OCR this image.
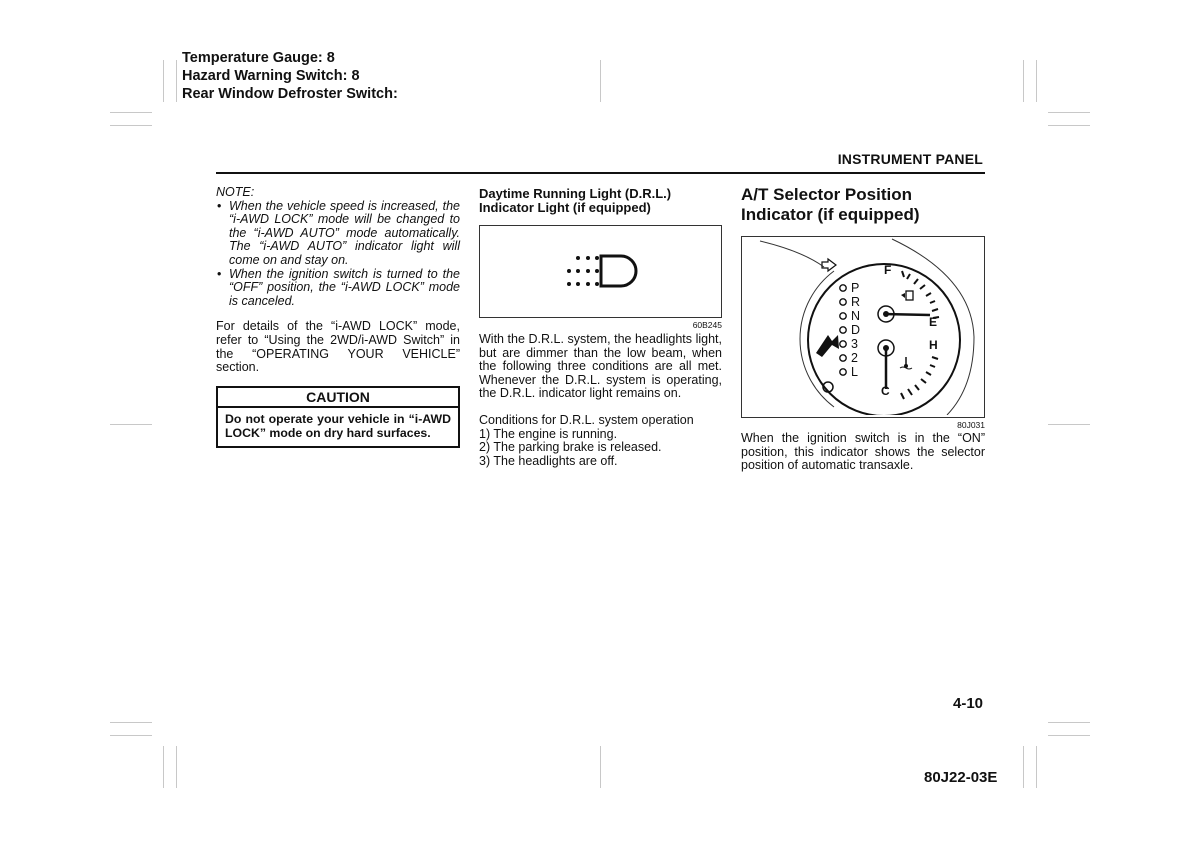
Temperature Gauge: 8
Hazard Warning Switch: 8
Rear Window Defroster Switch:
INSTRUMENT PANEL
NOTE:
• When the vehicle speed is increased, the “i-AWD LOCK” mode will be changed to the “i-AWD AUTO” mode automatically. The “i-AWD AUTO” indicator light will come on and stay on.
• When the ignition switch is turned to the “OFF” position, the “i-AWD LOCK” mode is canceled.

For details of the “i-AWD LOCK” mode, refer to “Using the 2WD/i-AWD Switch” in the “OPERATING YOUR VEHICLE” section.

CAUTION
Do not operate your vehicle in “i-AWD LOCK” mode on dry hard surfaces.
Daytime Running Light (D.R.L.) Indicator Light (if equipped)
60B245

With the D.R.L. system, the headlights light, but are dimmer than the low beam, when the following three conditions are all met. Whenever the D.R.L. system is operating, the D.R.L. indicator light remains on.

Conditions for D.R.L. system operation
1) The engine is running.
2) The parking brake is released.
3) The headlights are off.
A/T Selector Position
Indicator (if equipped)
P
R
N
D
3
2
L
F
E
H
C
80J031

When the ignition switch is in the “ON” position, this indicator shows the selector position of automatic transaxle.

4-10
80J22-03E
